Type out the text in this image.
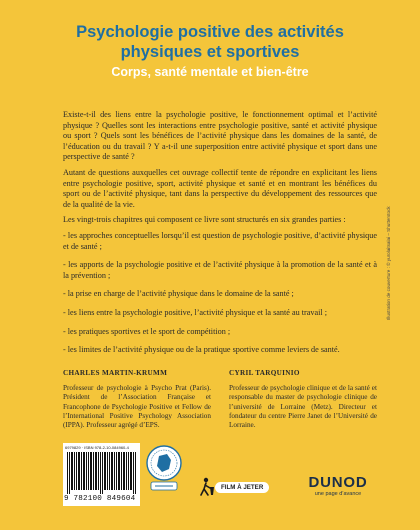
Psychologie positive des activités
physiques et sportives
Corps, santé mentale et bien-être

Existe-t-il des liens entre la psychologie positive, le fonctionnement optimal et l’activité physique ? Quelles sont les interactions entre psychologie positive, santé et activité physique ou sport ? Quels sont les bénéfices de l’activité physique dans les domaines de la santé, de l’éducation ou du travail ? Y a-t-il une superposition entre activité physique et sport dans une perspective de santé ?

Autant de questions auxquelles cet ouvrage collectif tente de répondre en explicitant les liens entre psychologie positive, sport, activité physique et santé et en montrant les bénéfices du sport ou de l’activité physique, tant dans la perspective du développement des ressources que de la qualité de la vie.

Les vingt-trois chapitres qui composent ce livre sont structurés en six grandes parties :

- les approches conceptuelles lorsqu’il est question de psychologie positive, d’activité physique et de santé ;
- les apports de la psychologie positive et de l’activité physique à la promotion de la santé et à la prévention ;
- la prise en charge de l’activité physique dans le domaine de la santé ;
- les liens entre la psychologie positive, l’activité physique et la santé au travail ;
- les pratiques sportives et le sport de compétition ;
- les limites de l’activité physique ou de la pratique sportive comme leviers de santé.
CHARLES MARTIN-KRUMM
Professeur de psychologie à Psycho Prat (Paris). Président de l’Association Française et Francophone de Psychologie Positive et Fellow de l’International Positive Psychology Association (IPPA). Professeur agrégé d’EPS.
CYRIL TARQUINIO
Professeur de psychologie clinique et de la santé et responsable du master de psychologie clinique de l’université de Lorraine (Metz). Directeur et fondateur du centre Pierre Janet de l’Université de Lorraine.
Illustration de couverture : © yurolaitsalai – Shutterstock
6979829 · ISBN 978-2-10-084960-4
9 782100 849604
FILM À JETER	DUNOD
une page d’avance
